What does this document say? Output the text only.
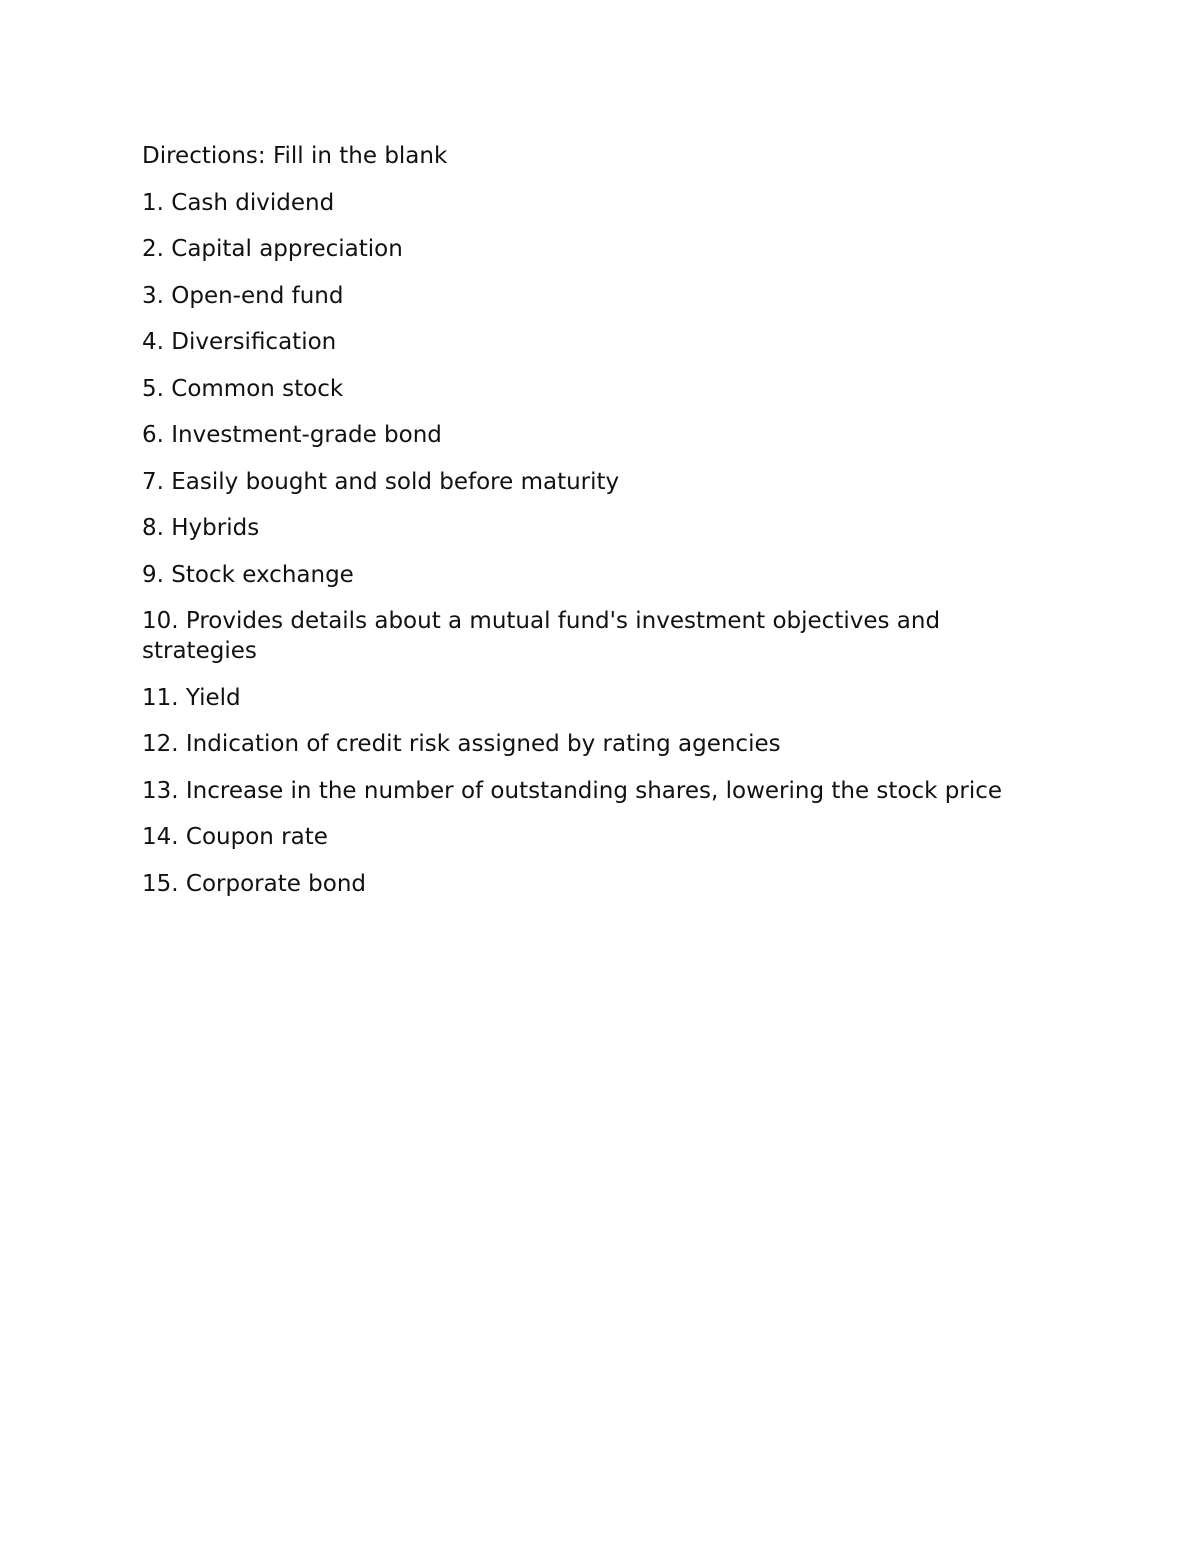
Directions: Fill in the blank

1. Cash dividend
2. Capital appreciation
3. Open-end fund
4. Diversification
5. Common stock
6. Investment-grade bond
7. Easily bought and sold before maturity
8. Hybrids
9. Stock exchange
10. Provides details about a mutual fund's investment objectives and strategies
11. Yield
12. Indication of credit risk assigned by rating agencies
13. Increase in the number of outstanding shares, lowering the stock price
14. Coupon rate
15. Corporate bond
